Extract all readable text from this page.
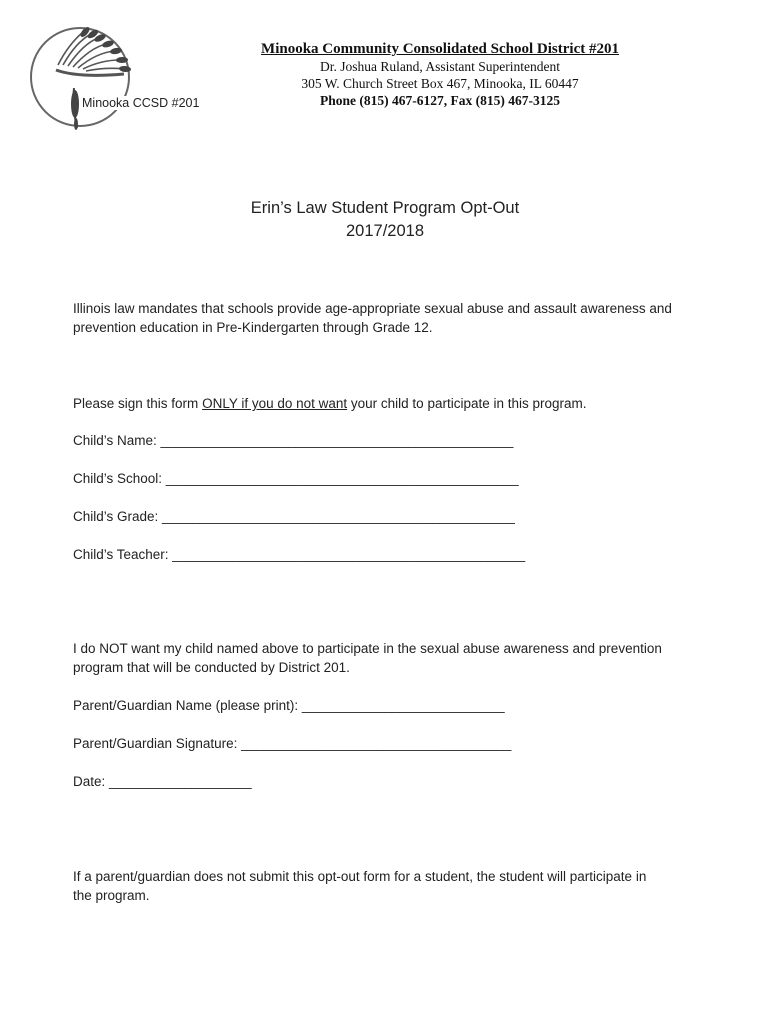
Minooka CCSD #201
Minooka Community Consolidated School District #201
Dr. Joshua Ruland, Assistant Superintendent
305 W. Church Street Box 467, Minooka, IL 60447
Phone (815) 467-6127, Fax (815) 467-3125
Erin’s Law Student Program Opt-Out
2017/2018
Illinois law mandates that schools provide age-appropriate sexual abuse and assault awareness and
prevention education in Pre-Kindergarten through Grade 12.
Please sign this form ONLY if you do not want your child to participate in this program.
Child’s Name: _______________________________________________
Child’s School: _______________________________________________
Child’s Grade: _______________________________________________
Child’s Teacher: _______________________________________________
I do NOT want my child named above to participate in the sexual abuse awareness and prevention
program that will be conducted by District 201.
Parent/Guardian Name (please print): ___________________________
Parent/Guardian Signature: ____________________________________
Date: ___________________
If a parent/guardian does not submit this opt-out form for a student, the student will participate in
the program.
